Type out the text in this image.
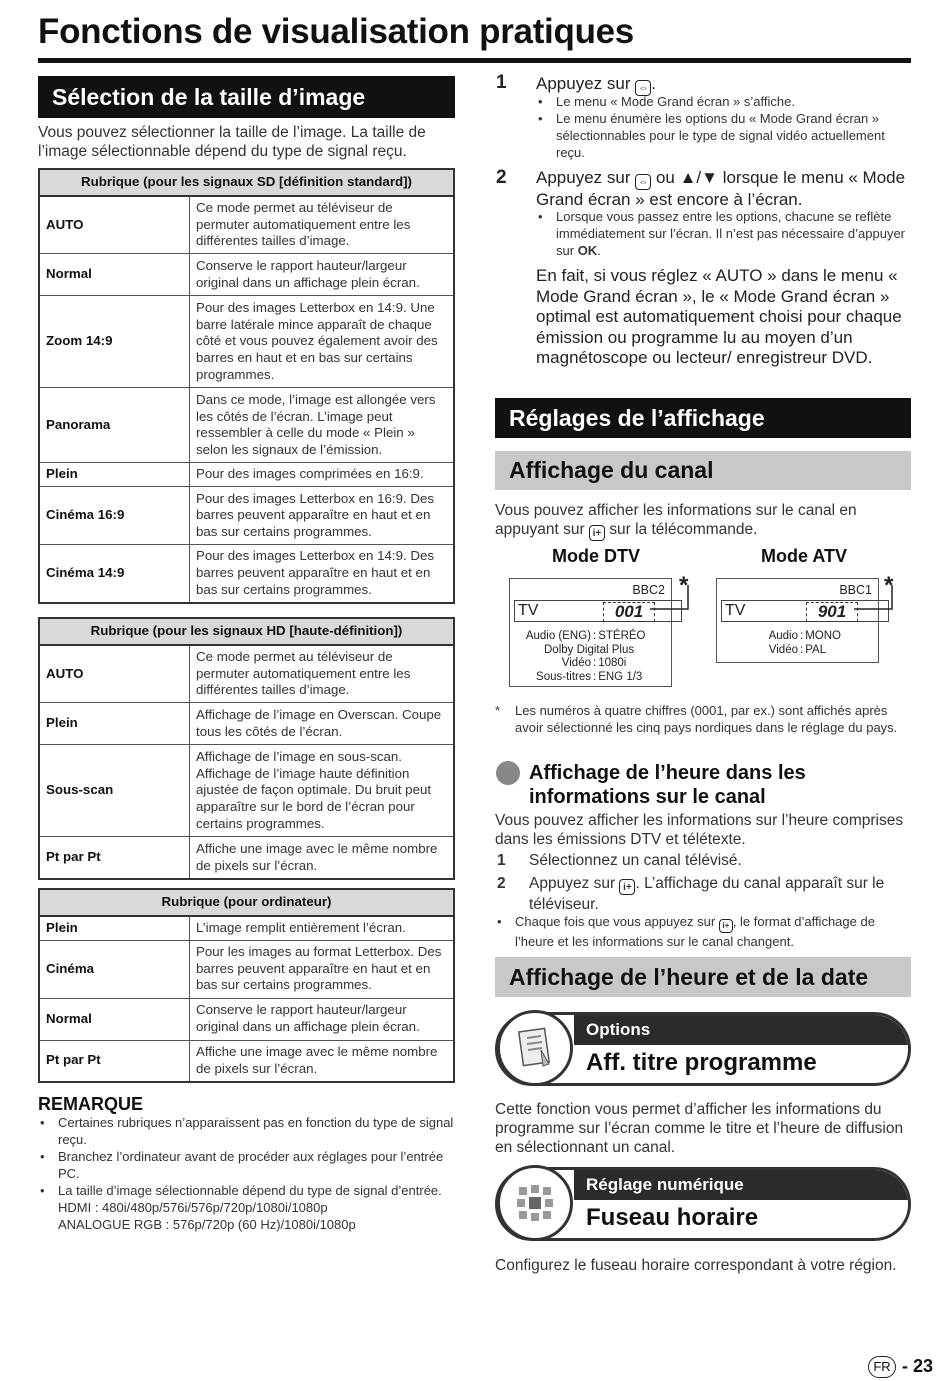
Fonctions de visualisation pratiques
Sélection de la taille d’image
Vous pouvez sélectionner la taille de l’image. La taille de l’image sélectionnable dépend du type de signal reçu.
Rubrique (pour les signaux SD [définition standard])	
AUTO	Ce mode permet au téléviseur de permuter automatiquement entre les différentes tailles d’image.
Normal	Conserve le rapport hauteur/largeur original dans un affichage plein écran.
Zoom 14:9	Pour des images Letterbox en 14:9. Une barre latérale mince apparaît de chaque côté et vous pouvez également avoir des barres en haut et en bas sur certains programmes.
Panorama	Dans ce mode, l’image est allongée vers les côtés de l’écran. L’image peut ressembler à celle du mode « Plein » selon les signaux de l’émission.
Plein	Pour des images comprimées en 16:9.
Cinéma 16:9	Pour des images Letterbox en 16:9. Des barres peuvent apparaître en haut et en bas sur certains programmes.
Cinéma 14:9	Pour des images Letterbox en 14:9. Des barres peuvent apparaître en haut et en bas sur certains programmes.
Rubrique (pour les signaux HD [haute-définition])	
AUTO	Ce mode permet au téléviseur de permuter automatiquement entre les différentes tailles d’image.
Plein	Affichage de l’image en Overscan. Coupe tous les côtés de l’écran.
Sous-scan	Affichage de l’image en sous-scan. Affichage de l’image haute définition ajustée de façon optimale. Du bruit peut apparaître sur le bord de l’écran pour certains programmes.
Pt par Pt	Affiche une image avec le même nombre de pixels sur l’écran.
Rubrique (pour ordinateur)	
Plein	L’image remplit entièrement l’écran.
Cinéma	Pour les images au format Letterbox. Des barres peuvent apparaître en haut et en bas sur certains programmes.
Normal	Conserve le rapport hauteur/largeur original dans un affichage plein écran.
Pt par Pt	Affiche une image avec le même nombre de pixels sur l’écran.
REMARQUE
• Certaines rubriques n’apparaissent pas en fonction du type de signal reçu.
• Branchez l’ordinateur avant de procéder aux réglages pour l’entrée PC.
• La taille d’image sélectionnable dépend du type de signal d’entrée.
HDMI : 480i/480p/576i/576p/720p/1080i/1080p
ANALOGUE RGB : 576p/720p (60 Hz)/1080i/1080p
1 Appuyez sur ⇔ .
• Le menu « Mode Grand écran » s’affiche.
• Le menu énumère les options du « Mode Grand écran » sélectionnables pour le type de signal vidéo actuellement reçu.
2 Appuyez sur ⇔ ou ▲/▼ lorsque le menu « Mode Grand écran » est encore à l’écran.
• Lorsque vous passez entre les options, chacune se reflète immédiatement sur l’écran. Il n’est pas nécessaire d’appuyer sur OK.
En fait, si vous réglez « AUTO » dans le menu « Mode Grand écran », le « Mode Grand écran » optimal est automatiquement choisi pour chaque émission ou programme lu au moyen d’un magnétoscope ou lecteur/ enregistreur DVD.
Réglages de l’affichage
Affichage du canal
Vous pouvez afficher les informations sur le canal en appuyant sur i+ sur la télécommande.
Mode DTV
BBC2
TV	001
Audio (ENG) : STÉRÉO
Dolby Digital Plus
Vidéo : 1080i
Sous-titres : ENG 1/3
*
Mode ATV
BBC1
TV	901
Audio : MONO
Vidéo : PAL
*
*	Les numéros à quatre chiffres (0001, par ex.) sont affichés après avoir sélectionné les cinq pays nordiques dans le réglage du pays.
Affichage de l’heure dans les informations sur le canal
Vous pouvez afficher les informations sur l’heure comprises dans les émissions DTV et télétexte.
1 Sélectionnez un canal télévisé.
2 Appuyez sur i+ . L’affichage du canal apparaît sur le téléviseur.
• Chaque fois que vous appuyez sur i+ , le format d’affichage de l’heure et les informations sur le canal changent.
Affichage de l’heure et de la date
Options
Aff. titre programme
Cette fonction vous permet d’afficher les informations du programme sur l’écran comme le titre et l’heure de diffusion en sélectionnant un canal.
Réglage numérique
Fuseau horaire
Configurez le fuseau horaire correspondant à votre région.
FR - 23
